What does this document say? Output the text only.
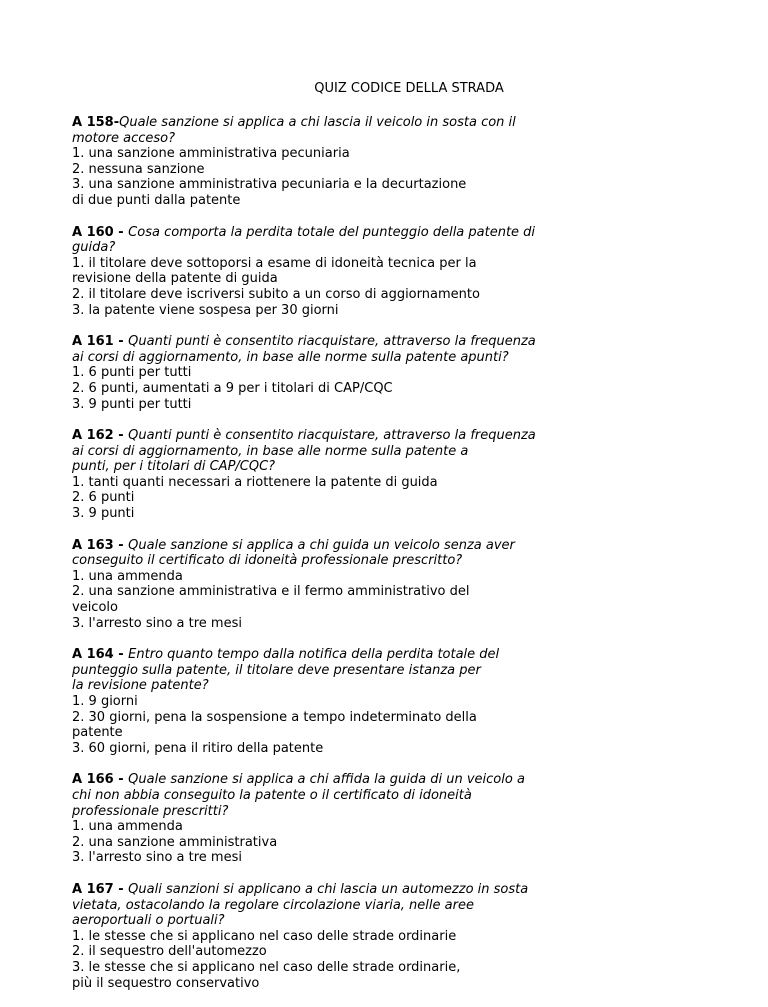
QUIZ CODICE DELLA STRADA
A 158-Quale sanzione si applica a chi lascia il veicolo in sosta con il
motore acceso?
1. una sanzione amministrativa pecuniaria
2. nessuna sanzione
3. una sanzione amministrativa pecuniaria e la decurtazione
di due punti dalla patente
A 160 - Cosa comporta la perdita totale del punteggio della patente di
guida?
1. il titolare deve sottoporsi a esame di idoneità tecnica per la
revisione della patente di guida
2. il titolare deve iscriversi subito a un corso di aggiornamento
3. la patente viene sospesa per 30 giorni
A 161 - Quanti punti è consentito riacquistare, attraverso la frequenza
ai corsi di aggiornamento, in base alle norme sulla patente apunti?
1. 6 punti per tutti
2. 6 punti, aumentati a 9 per i titolari di CAP/CQC
3. 9 punti per tutti
A 162 - Quanti punti è consentito riacquistare, attraverso la frequenza
ai corsi di aggiornamento, in base alle norme sulla patente a
punti, per i titolari di CAP/CQC?
1. tanti quanti necessari a riottenere la patente di guida
2. 6 punti
3. 9 punti
A 163 - Quale sanzione si applica a chi guida un veicolo senza aver
conseguito il certificato di idoneità professionale prescritto?
1. una ammenda
2. una sanzione amministrativa e il fermo amministrativo del
veicolo
3. l'arresto sino a tre mesi
A 164 - Entro quanto tempo dalla notifica della perdita totale del
punteggio sulla patente, il titolare deve presentare istanza per
la revisione patente?
1. 9 giorni
2. 30 giorni, pena la sospensione a tempo indeterminato della
patente
3. 60 giorni, pena il ritiro della patente
A 166 - Quale sanzione si applica a chi affida la guida di un veicolo a
chi non abbia conseguito la patente o il certificato di idoneità
professionale prescritti?
1. una ammenda
2. una sanzione amministrativa
3. l'arresto sino a tre mesi
A 167 - Quali sanzioni si applicano a chi lascia un automezzo in sosta
vietata, ostacolando la regolare circolazione viaria, nelle aree
aeroportuali o portuali?
1. le stesse che si applicano nel caso delle strade ordinarie
2. il sequestro dell'automezzo
3. le stesse che si applicano nel caso delle strade ordinarie,
più il sequestro conservativo
